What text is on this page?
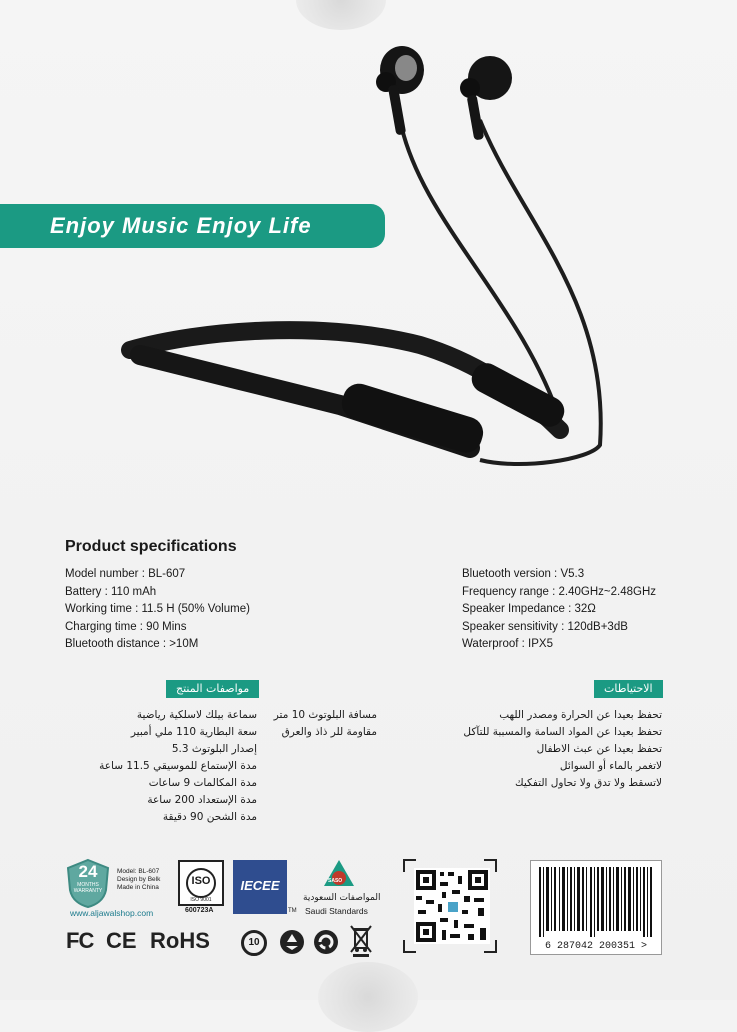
Enjoy Music Enjoy Life
Product specifications
Model number : BL-607
Battery : 110 mAh
Working time : 11.5 H (50% Volume)
Charging time : 90 Mins
Bluetooth distance : >10M
Bluetooth version : V5.3
Frequency range : 2.40GHz~2.48GHz
Speaker Impedance : 32Ω
Speaker sensitivity : 120dB+3dB
Waterproof : IPX5
مواصفات المنتج
سماعة بيلك لاسلكية رياضية
سعة البطارية 110 ملي أمبير
إصدار البلوتوث 5.3
مدة الإستماع للموسيقي 11.5 ساعة
مدة المكالمات 9 ساعات
مدة الإستعداد 200 ساعة
مدة الشحن 90 دقيقة
مسافة البلوتوث 10 متر
مقاومة للر ذاذ والعرق
الاحتياطات
تحفظ بعيدا عن الحرارة ومصدر اللهب
تحفظ بعيدا عن المواد السامة والمسببة للتآكل
تحفظ بعيدا عن عبث الاطفال
لاتغمر بالماء أو السوائل
لاتسقط ولا تدق ولا تحاول التفكيك
24
MONTHS WARRANTY
Model: BL-607
Design by Belk
Made in China
www.aljawalshop.com
ISO
ISO 9001
600723A
IECEE
TM
SASO
المواصفات السعودية
Saudi Standards
6 287042 200351 >
FC CE RoHS	10
